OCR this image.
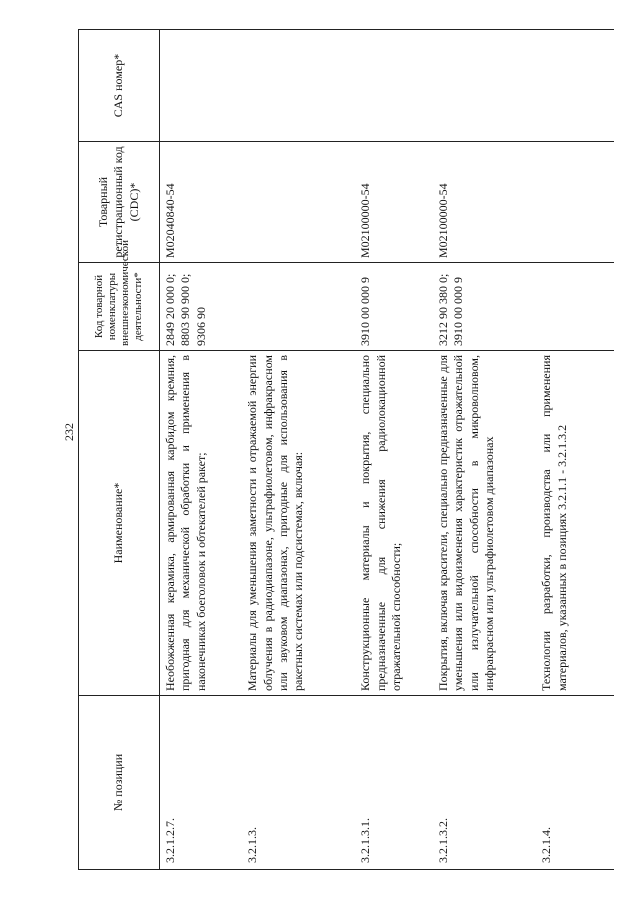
232
№ позиции	Наименование*	Код товарной номенклатуры внешнеэкономической деятельности*	Товарный ретистрационный код (CDC)*	CAS номер*
3.2.1.2.7.	Необожженная керамика, армированная карбидом кремния, пригодная для механической обработки и применения в наконечниках боеголовок и обтекателей ракет;	2849 20 000 0; 8803 90 900 0; 9306 90	M02040840-54	
3.2.1.3.	Материалы для уменьшения заметности и отражаемой энергии облучения в радиодиапазоне, ультрафиолетовом, инфракрасном или звуковом диапазонах, пригодные для использования в ракетных системах или подсистемах, включая:			
3.2.1.3.1.	Конструкционные материалы и покрытия, специально предназначенные для снижения радиолокационной отражательной способности;	3910 00 000 9	M02100000-54	
3.2.1.3.2.	Покрытия, включая красители, специально предназначенные для уменьшения или видоизменения характеристик отражательной или излучательной способности в микроволновом, инфракрасном или ультрафиолетовом диапазонах	3212 90 380 0; 3910 00 000 9	M02100000-54	
3.2.1.4.	Технологии разработки, производства или применения материалов, указанных в позициях 3.2.1.1 - 3.2.1.3.2			
